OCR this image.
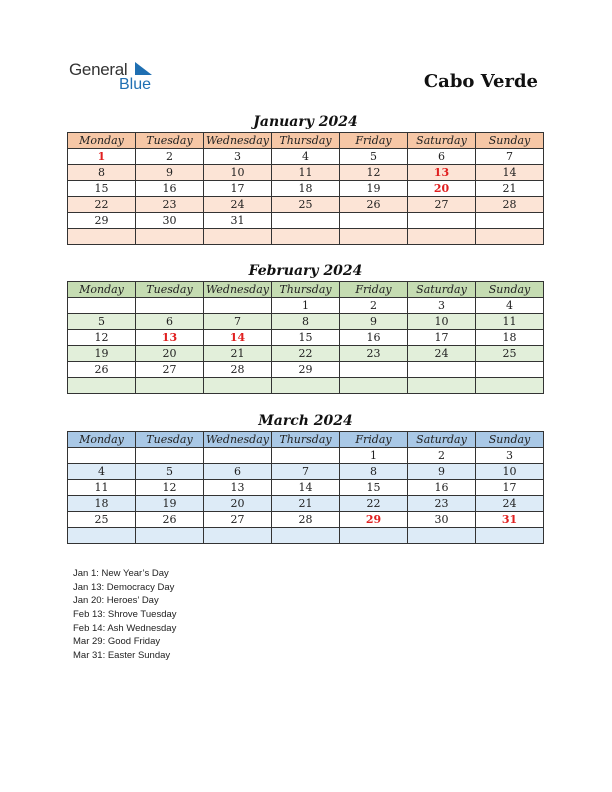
General
Blue	Cabo Verde
January 2024
Monday	Tuesday	Wednesday	Thursday	Friday	Saturday	Sunday
1	2	3	4	5	6	7
8	9	10	11	12	13	14
15	16	17	18	19	20	21
22	23	24	25	26	27	28
29	30	31				

February 2024
Monday	Tuesday	Wednesday	Thursday	Friday	Saturday	Sunday
			1	2	3	4
5	6	7	8	9	10	11
12	13	14	15	16	17	18
19	20	21	22	23	24	25
26	27	28	29			

March 2024
Monday	Tuesday	Wednesday	Thursday	Friday	Saturday	Sunday
				1	2	3
4	5	6	7	8	9	10
11	12	13	14	15	16	17
18	19	20	21	22	23	24
25	26	27	28	29	30	31

Jan 1: New Year’s Day
Jan 13: Democracy Day
Jan 20: Heroes’ Day
Feb 13: Shrove Tuesday
Feb 14: Ash Wednesday
Mar 29: Good Friday
Mar 31: Easter Sunday
